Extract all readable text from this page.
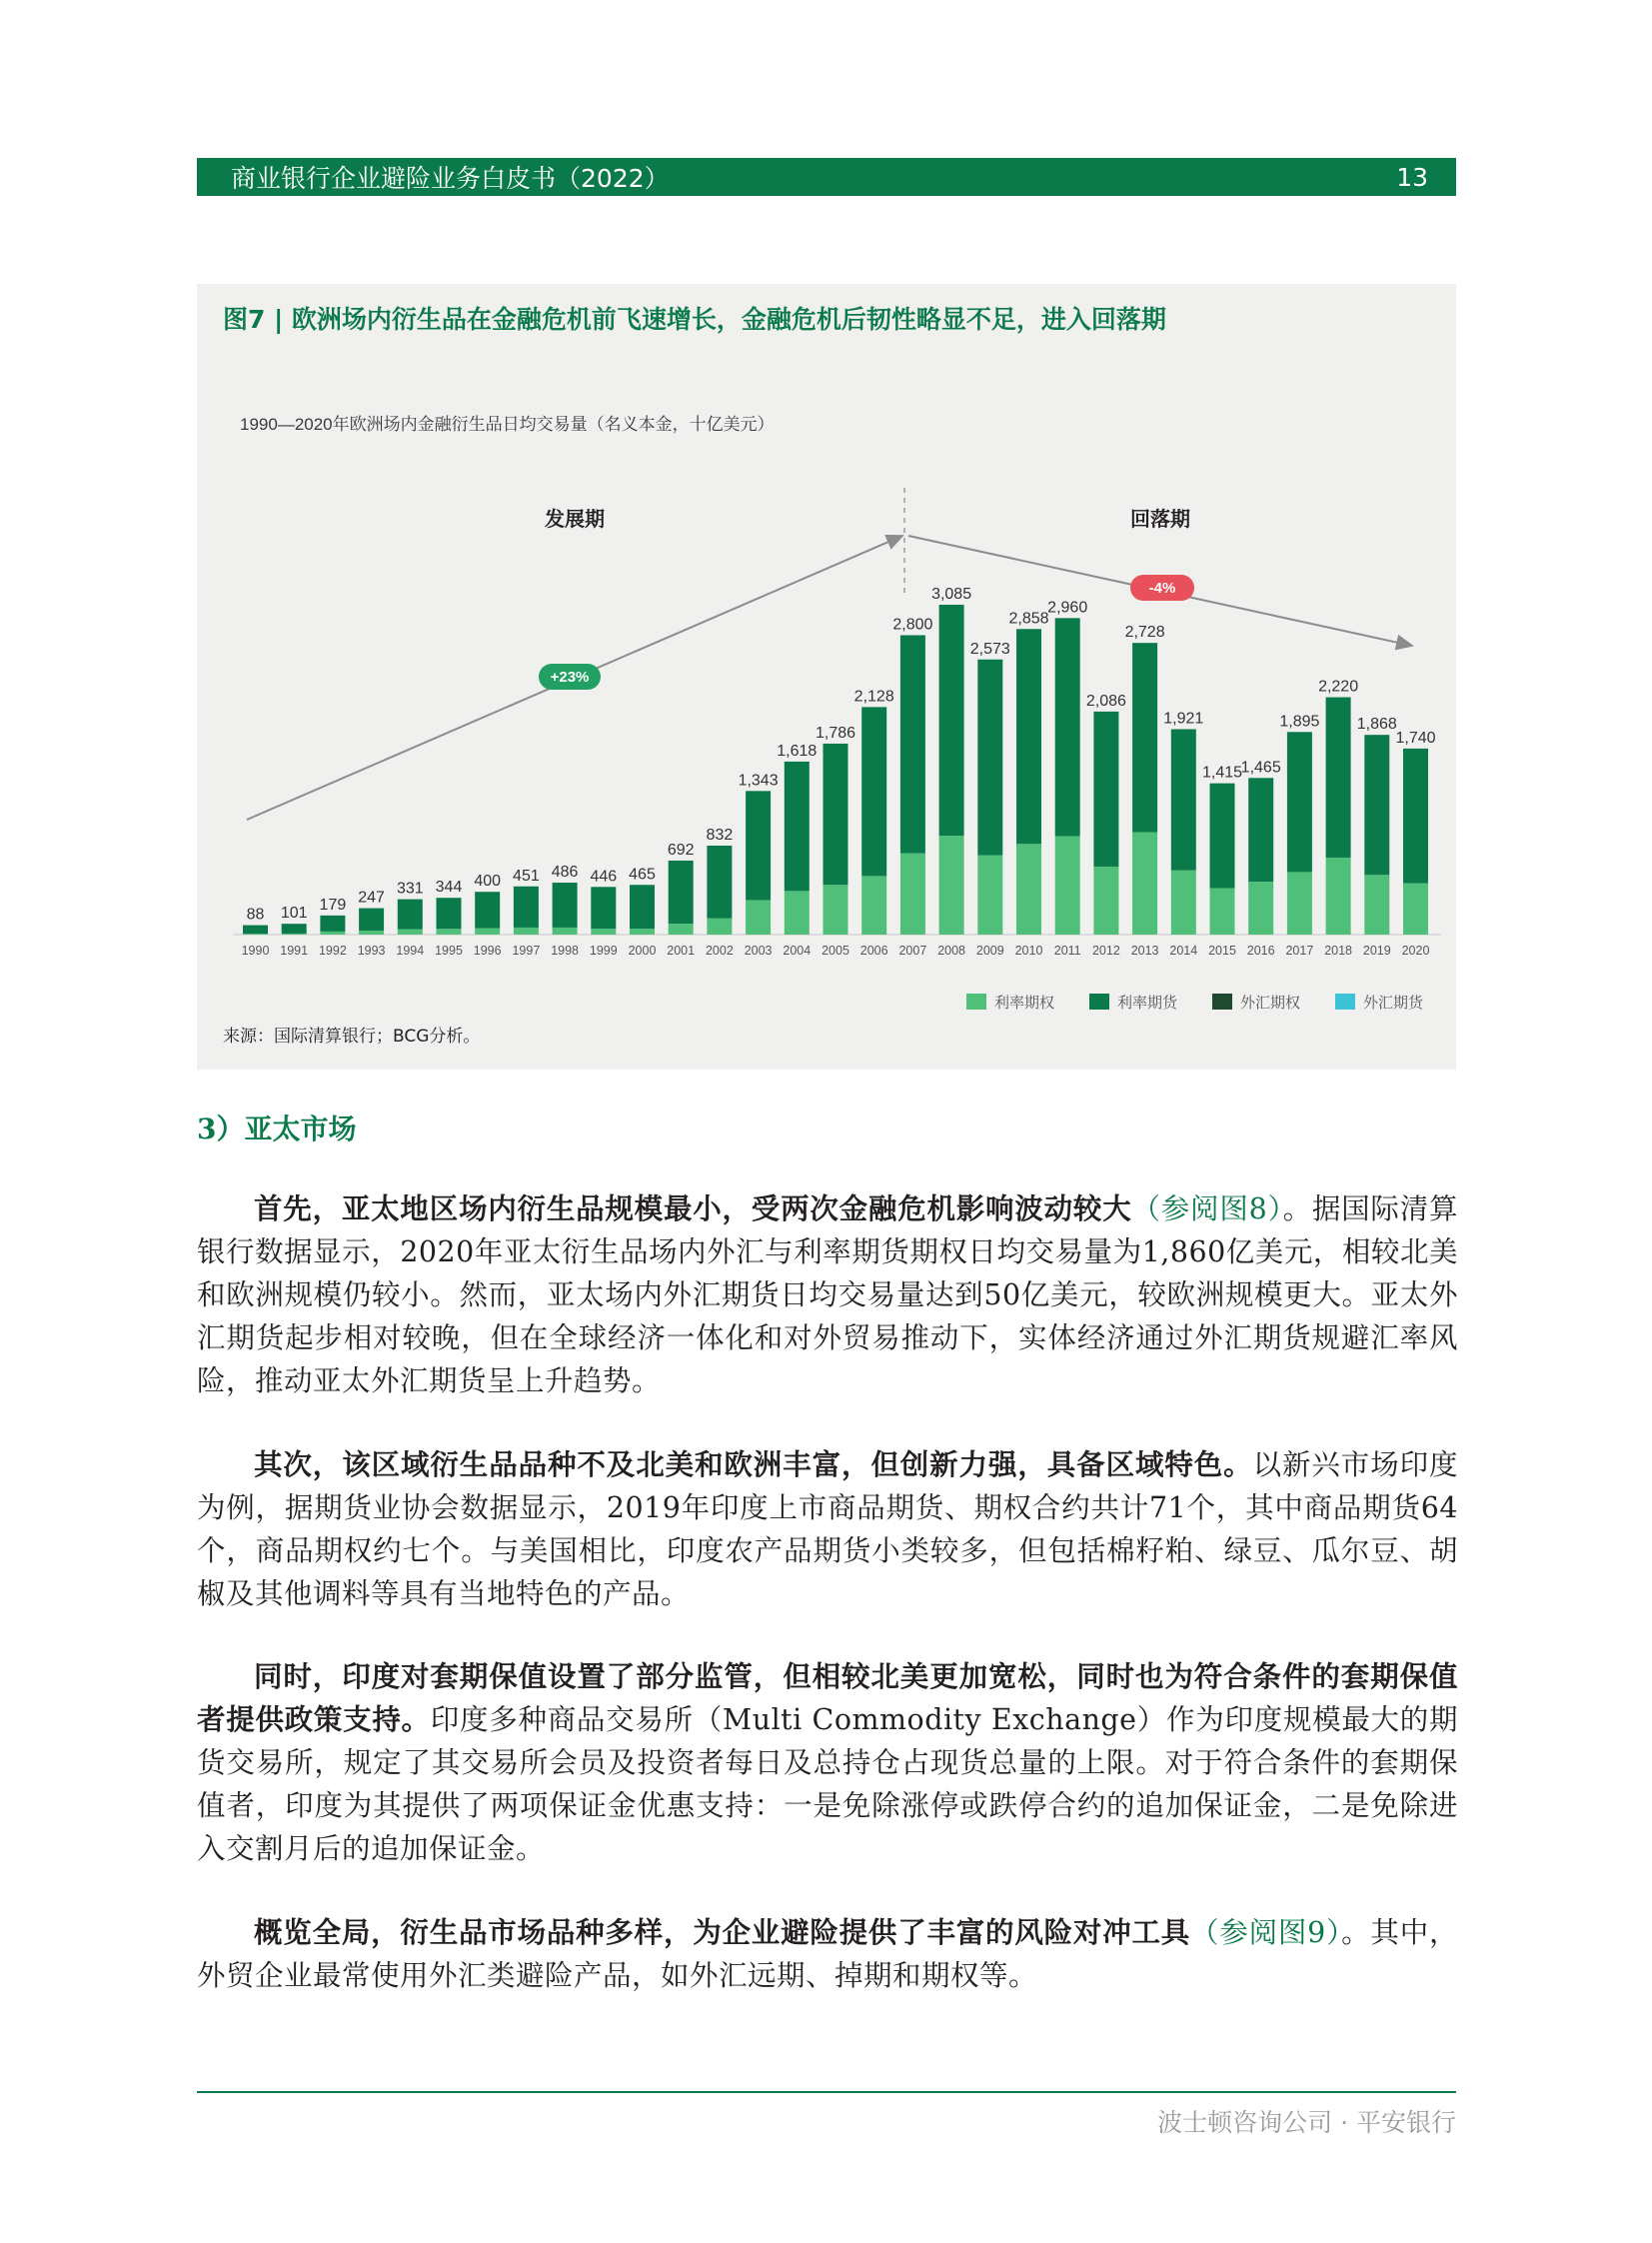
商业银行企业避险业务白皮书（2022）	13
1990—2020年欧洲场内金融衍生品日均交易量（名义本金，十亿美元）
发展期	回落期
+23%
-4%
88
1990
101
1991
179
1992
247
1993
331
1994
344
1995
400
1996
451
1997
486
1998
446
1999
465
2000
692
2001
832
2002
1,343
2003
1,618
2004
1,786
2005
2,128
2006
2,800
2007
3,085
2008
2,573
2009
2,858
2010
2,960
2011
2,086
2012
2,728
2013
1,921
2014
1,415
2015
1,465
2016
1,895
2017
2,220
2018
1,868
2019
1,740
2020
利率期权	利率期货	外汇期权	外汇期货
图7 | 欧洲场内衍生品在金融危机前飞速增长，金融危机后韧性略显不足，进入回落期
来源：国际清算银行；BCG分析。
3）亚太市场

首先，亚太地区场内衍生品规模最小，受两次金融危机影响波动较大（参阅图8）。据国际清算银行数据显示，2020年亚太衍生品场内外汇与利率期货期权日均交易量为1,860亿美元，相较北美和欧洲规模仍较小。然而，亚太场内外汇期货日均交易量达到50亿美元，较欧洲规模更大。亚太外汇期货起步相对较晚，但在全球经济一体化和对外贸易推动下，实体经济通过外汇期货规避汇率风险，推动亚太外汇期货呈上升趋势。

其次，该区域衍生品品种不及北美和欧洲丰富，但创新力强，具备区域特色。以新兴市场印度为例，据期货业协会数据显示，2019年印度上市商品期货、期权合约共计71个，其中商品期货64个，商品期权约七个。与美国相比，印度农产品期货小类较多，但包括棉籽粕、绿豆、瓜尔豆、胡椒及其他调料等具有当地特色的产品。

同时，印度对套期保值设置了部分监管，但相较北美更加宽松，同时也为符合条件的套期保值者提供政策支持。印度多种商品交易所（Multi Commodity Exchange）作为印度规模最大的期货交易所，规定了其交易所会员及投资者每日及总持仓占现货总量的上限。对于符合条件的套期保值者，印度为其提供了两项保证金优惠支持：一是免除涨停或跌停合约的追加保证金，二是免除进入交割月后的追加保证金。

概览全局，衍生品市场品种多样，为企业避险提供了丰富的风险对冲工具（参阅图9）。其中，外贸企业最常使用外汇类避险产品，如外汇远期、掉期和期权等。

波士顿咨询公司 · 平安银行
